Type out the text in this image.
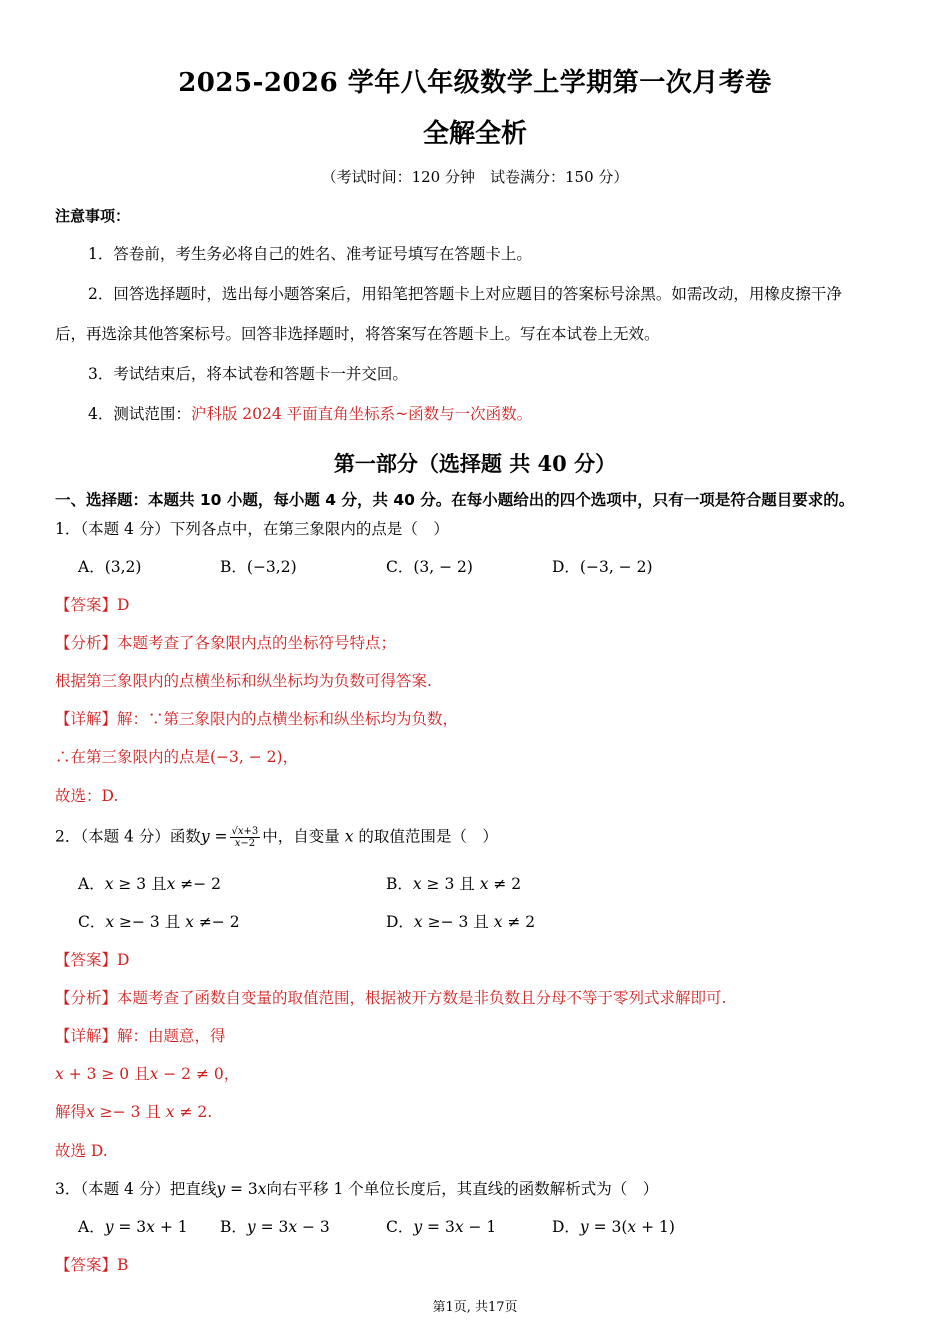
2025-2026 学年八年级数学上学期第一次月考卷
全解全析
（考试时间：120 分钟　试卷满分：150 分）
注意事项：
1．答卷前，考生务必将自己的姓名、准考证号填写在答题卡上。
2．回答选择题时，选出每小题答案后，用铅笔把答题卡上对应题目的答案标号涂黑。如需改动，用橡皮擦干净
后，再选涂其他答案标号。回答非选择题时，将答案写在答题卡上。写在本试卷上无效。
3．考试结束后，将本试卷和答题卡一并交回。
4．测试范围：沪科版 2024 平面直角坐标系~函数与一次函数。
第一部分（选择题 共 40 分）
一、选择题：本题共 10 小题，每小题 4 分，共 40 分。在每小题给出的四个选项中，只有一项是符合题目要求的。
1．（本题 4 分）下列各点中，在第三象限内的点是（　）
A．(3,2)	B．(−3,2)	C．(3, − 2)	D．(−3, − 2)
【答案】D
【分析】本题考查了各象限内点的坐标符号特点；
根据第三象限内的点横坐标和纵坐标均为负数可得答案.
【详解】解：∵第三象限内的点横坐标和纵坐标均为负数，
∴在第三象限内的点是(−3, − 2)，
故选：D.
2．（本题 4 分）函数𝑦 = $\frac{\text{√𝑥+3}}{\text{𝑥−2}}$ 中，自变量 𝑥 的取值范围是（　）
A．𝑥 ≥ 3 且𝑥 ≠− 2	B．𝑥 ≥ 3 且 𝑥 ≠ 2
C．𝑥 ≥− 3 且 𝑥 ≠− 2	D．𝑥 ≥− 3 且 𝑥 ≠ 2
【答案】D
【分析】本题考查了函数自变量的取值范围，根据被开方数是非负数且分母不等于零列式求解即可.
【详解】解：由题意，得
𝑥 + 3 ≥ 0 且𝑥 − 2 ≠ 0，
解得𝑥 ≥− 3 且 𝑥 ≠ 2.
故选 D.
3．（本题 4 分）把直线𝑦 = 3𝑥向右平移 1 个单位长度后，其直线的函数解析式为（　）
A．𝑦 = 3𝑥 + 1 B．𝑦 = 3𝑥 − 3	C．𝑦 = 3𝑥 − 1	D．𝑦 = 3(𝑥 + 1)
【答案】B
第1页, 共17页
